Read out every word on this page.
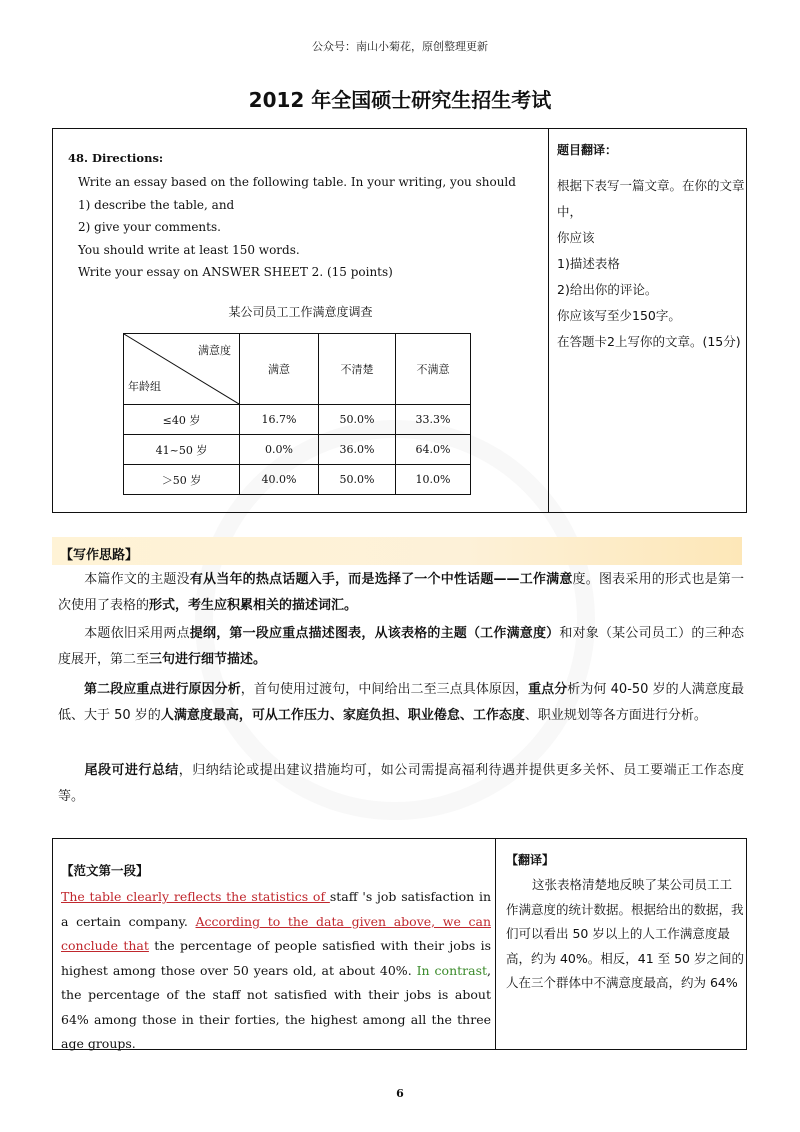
公众号：南山小菊花，原创整理更新
2012 年全国硕士研究生招生考试
48. Directions:
Write an essay based on the following table. In your writing, you should
1) describe the table, and
2) give your comments.
You should write at least 150 words.
Write your essay on ANSWER SHEET 2. (15 points)
某公司员工工作满意度调查
满意度
年龄组	满意	不清楚	不满意
≤40 岁	16.7%	50.0%	33.3%
41~50 岁	0.0%	36.0%	64.0%
＞50 岁	40.0%	50.0%	10.0%
题目翻译：
根据下表写一篇文章。在你的文章中，
你应该
1)描述表格
2)给出你的评论。
你应该写至少150字。
在答题卡2上写你的文章。(15分)
【写作思路】
本篇作文的主题没有从当年的热点话题入手，而是选择了一个中性话题——工作满意度。图表采用的形式也是第一次使用了表格的形式，考生应积累相关的描述词汇。
本题依旧采用两点提纲，第一段应重点描述图表，从该表格的主题（工作满意度）和对象（某公司员工）的三种态度展开，第二至三句进行细节描述。
第二段应重点进行原因分析，首句使用过渡句，中间给出二至三点具体原因，重点分析为何 40-50 岁的人满意度最低、大于 50 岁的人满意度最高，可从工作压力、家庭负担、职业倦怠、工作态度、职业规划等各方面进行分析。
尾段可进行总结，归纳结论或提出建议措施均可，如公司需提高福利待遇并提供更多关怀、员工要端正工作态度等。
【范文第一段】
The table clearly reflects the statistics of staff 's job satisfaction in a certain company. According to the data given above, we can conclude that the percentage of people satisfied with their jobs is highest among those over 50 years old, at about 40%. In contrast, the percentage of the staff not satisfied with their jobs is about 64% among those in their forties, the highest among all the three age groups.
【翻译】
这张表格清楚地反映了某公司员工工作满意度的统计数据。根据给出的数据，我们可以看出 50 岁以上的人工作满意度最高，约为 40%。相反，41 至 50 岁之间的人在三个群体中不满意度最高，约为 64%
6
